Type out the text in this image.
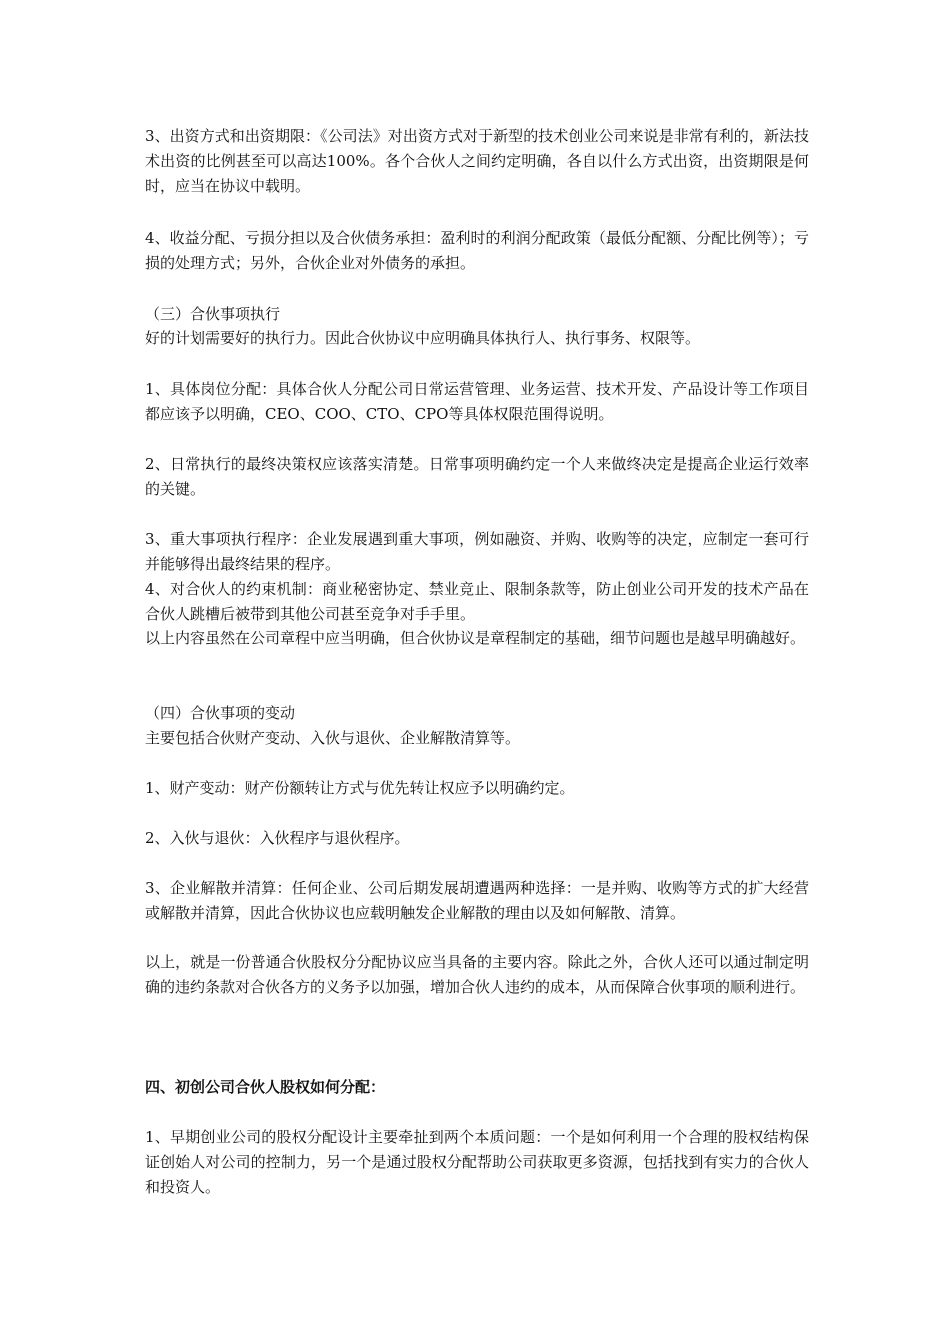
3、出资方式和出资期限：《公司法》对出资方式对于新型的技术创业公司来说是非常有利的，新法技术出资的比例甚至可以高达100%。各个合伙人之间约定明确，各自以什么方式出资，出资期限是何时，应当在协议中载明。

4、收益分配、亏损分担以及合伙债务承担：盈利时的利润分配政策（最低分配额、分配比例等）；亏损的处理方式；另外，合伙企业对外债务的承担。

（三）合伙事项执行

好的计划需要好的执行力。因此合伙协议中应明确具体执行人、执行事务、权限等。

1、具体岗位分配：具体合伙人分配公司日常运营管理、业务运营、技术开发、产品设计等工作项目都应该予以明确，CEO、COO、CTO、CPO等具体权限范围得说明。

2、日常执行的最终决策权应该落实清楚。日常事项明确约定一个人来做终决定是提高企业运行效率的关键。

3、重大事项执行程序：企业发展遇到重大事项，例如融资、并购、收购等的决定，应制定一套可行并能够得出最终结果的程序。

4、对合伙人的约束机制：商业秘密协定、禁业竞止、限制条款等，防止创业公司开发的技术产品在合伙人跳槽后被带到其他公司甚至竞争对手手里。

以上内容虽然在公司章程中应当明确，但合伙协议是章程制定的基础，细节问题也是越早明确越好。

（四）合伙事项的变动

主要包括合伙财产变动、入伙与退伙、企业解散清算等。

1、财产变动：财产份额转让方式与优先转让权应予以明确约定。

2、入伙与退伙：入伙程序与退伙程序。

3、企业解散并清算：任何企业、公司后期发展胡遭遇两种选择：一是并购、收购等方式的扩大经营或解散并清算，因此合伙协议也应载明触发企业解散的理由以及如何解散、清算。

以上，就是一份普通合伙股权分分配协议应当具备的主要内容。除此之外，合伙人还可以通过制定明确的违约条款对合伙各方的义务予以加强，增加合伙人违约的成本，从而保障合伙事项的顺利进行。

四、初创公司合伙人股权如何分配：

1、早期创业公司的股权分配设计主要牵扯到两个本质问题：一个是如何利用一个合理的股权结构保证创始人对公司的控制力，另一个是通过股权分配帮助公司获取更多资源，包括找到有实力的合伙人和投资人。
